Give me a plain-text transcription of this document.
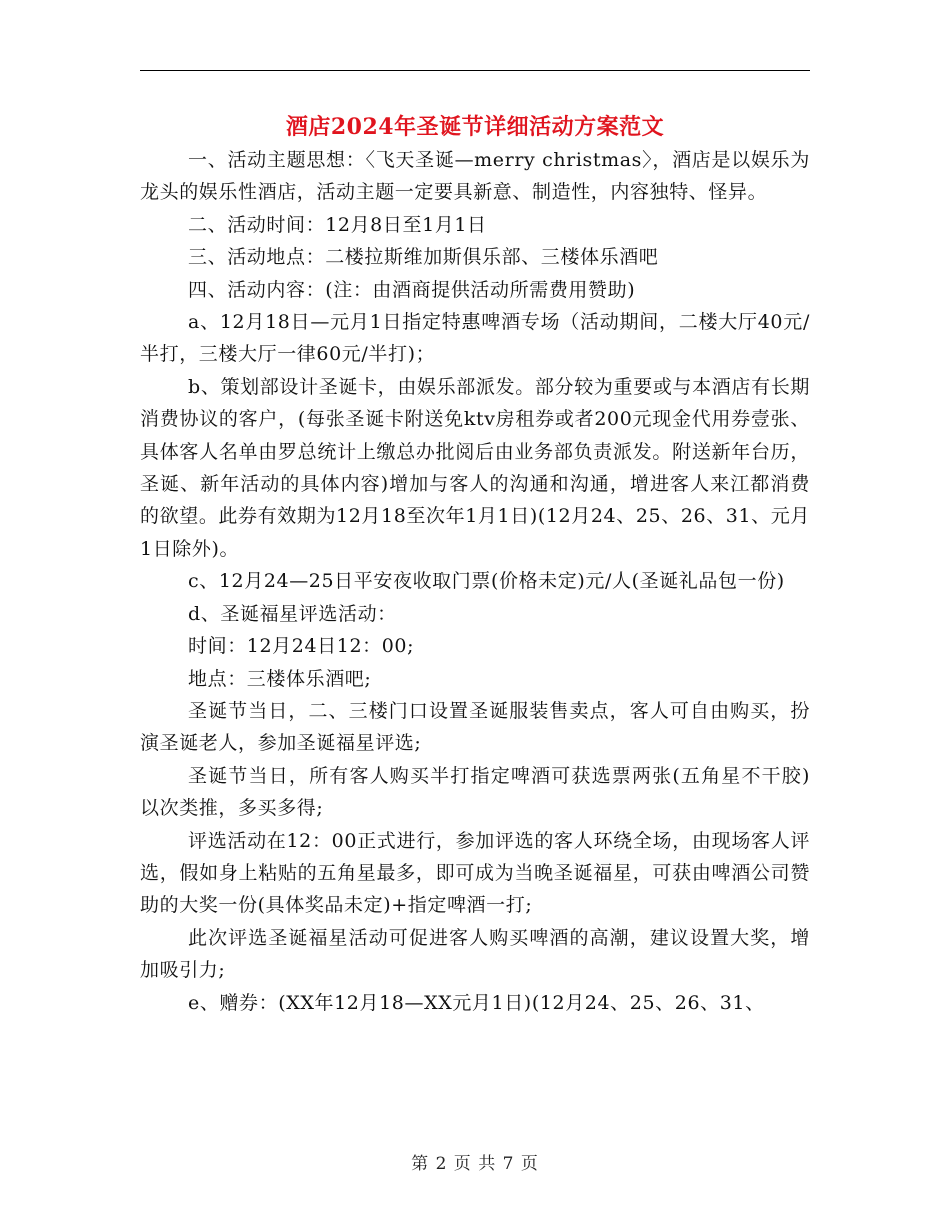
酒店2024年圣诞节详细活动方案范文

一、活动主题思想：〈飞天圣诞—merry christmas〉，酒店是以娱乐为龙头的娱乐性酒店，活动主题一定要具新意、制造性，内容独特、怪异。

二、活动时间：12月8日至1月1日

三、活动地点：二楼拉斯维加斯俱乐部、三楼体乐酒吧

四、活动内容：(注：由酒商提供活动所需费用赞助)

a、12月18日—元月1日指定特惠啤酒专场（活动期间，二楼大厅40元/半打，三楼大厅一律60元/半打)；

b、策划部设计圣诞卡，由娱乐部派发。部分较为重要或与本酒店有长期消费协议的客户，(每张圣诞卡附送免ktv房租券或者200元现金代用券壹张、具体客人名单由罗总统计上缴总办批阅后由业务部负责派发。附送新年台历，圣诞、新年活动的具体内容)增加与客人的沟通和沟通，增进客人来江都消费的欲望。此券有效期为12月18至次年1月1日)(12月24、25、26、31、元月1日除外)。

c、12月24—25日平安夜收取门票(价格未定)元/人(圣诞礼品包一份)

d、圣诞福星评选活动：

时间：12月24日12：00;

地点：三楼体乐酒吧;

圣诞节当日，二、三楼门口设置圣诞服装售卖点，客人可自由购买，扮演圣诞老人，参加圣诞福星评选;

圣诞节当日，所有客人购买半打指定啤酒可获选票两张(五角星不干胶)以次类推，多买多得;

评选活动在12：00正式进行，参加评选的客人环绕全场，由现场客人评选，假如身上粘贴的五角星最多，即可成为当晚圣诞福星，可获由啤酒公司赞助的大奖一份(具体奖品未定)+指定啤酒一打;

此次评选圣诞福星活动可促进客人购买啤酒的高潮，建议设置大奖，增加吸引力;

e、赠券：(XX年12月18—XX元月1日)(12月24、25、26、31、

第 2 页 共 7 页
